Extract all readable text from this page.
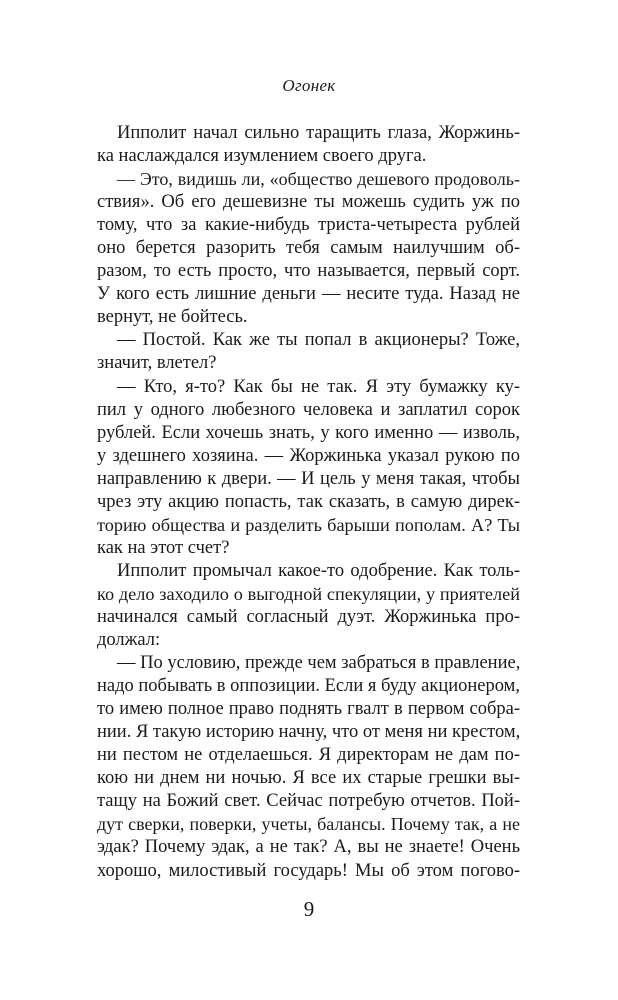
Огонек
Ипполит начал сильно таращить глаза, Жоржинь-
ка наслаждался изумлением своего друга.
— Это, видишь ли, «общество дешевого продоволь-
ствия». Об его дешевизне ты можешь судить уж по
тому, что за какие-нибудь триста-четыреста рублей
оно берется разорить тебя самым наилучшим об-
разом, то есть просто, что называется, первый сорт.
У кого есть лишние деньги — несите туда. Назад не
вернут, не бойтесь.
— Постой. Как же ты попал в акционеры? Тоже,
значит, влетел?
— Кто, я-то? Как бы не так. Я эту бумажку ку-
пил у одного любезного человека и заплатил сорок
рублей. Если хочешь знать, у кого именно — изволь,
у здешнего хозяина. — Жоржинька указал рукою по
направлению к двери. — И цель у меня такая, чтобы
чрез эту акцию попасть, так сказать, в самую дирек-
торию общества и разделить барыши пополам. А? Ты
как на этот счет?
Ипполит промычал какое-то одобрение. Как толь-
ко дело заходило о выгодной спекуляции, у приятелей
начинался самый согласный дуэт. Жоржинька про-
должал:
— По условию, прежде чем забраться в правление,
надо побывать в оппозиции. Если я буду акционером,
то имею полное право поднять гвалт в первом собра-
нии. Я такую историю начну, что от меня ни крестом,
ни пестом не отделаешься. Я директорам не дам по-
кою ни днем ни ночью. Я все их старые грешки вы-
тащу на Божий свет. Сейчас потребую отчетов. Пой-
дут сверки, поверки, учеты, балансы. Почему так, а не
эдак? Почему эдак, а не так? А, вы не знаете! Очень
хорошо, милостивый государь! Мы об этом погово-
9
